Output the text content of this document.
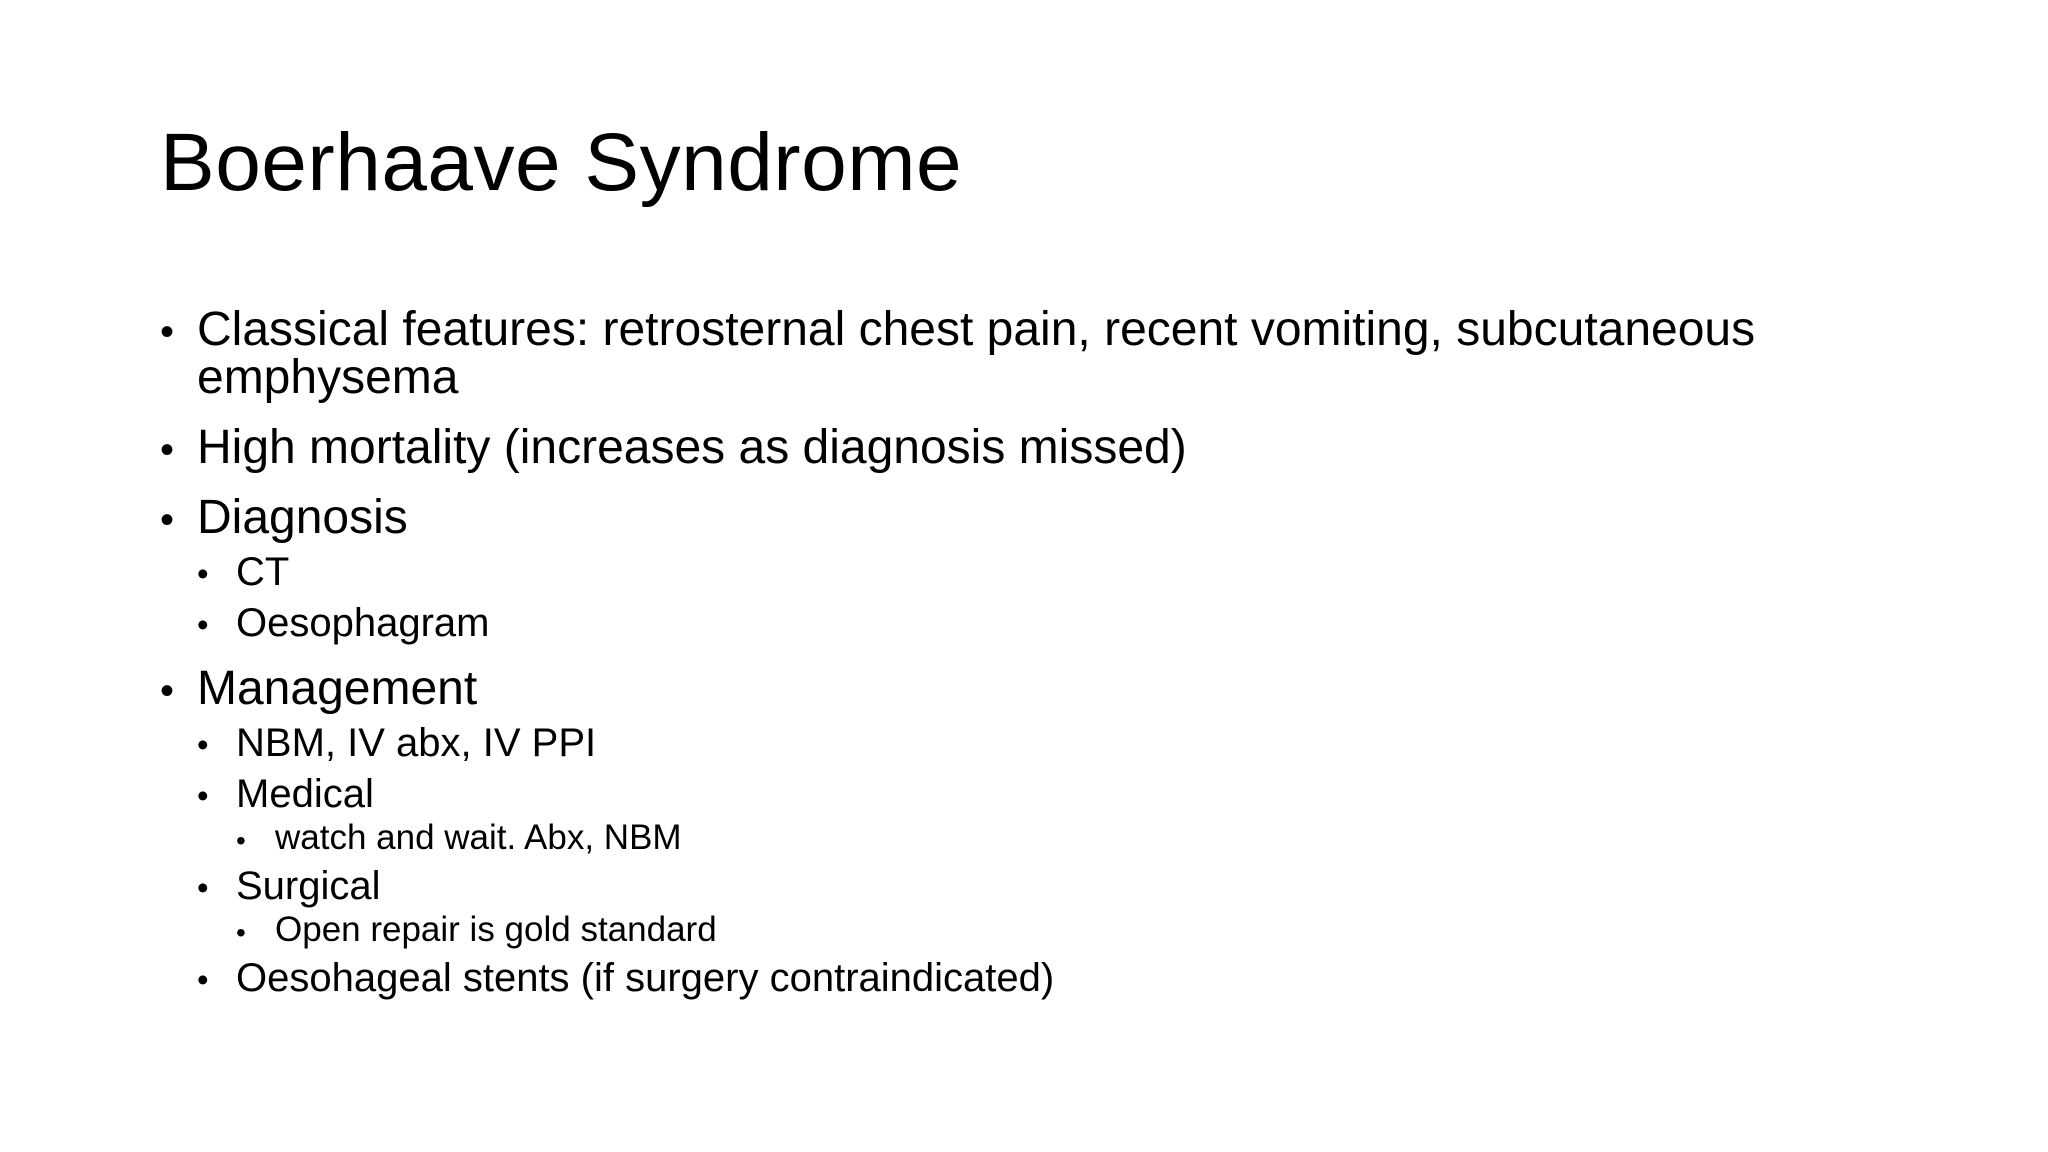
Boerhaave Syndrome
• Classical features: retrosternal chest pain, recent vomiting, subcutaneous emphysema
• High mortality (increases as diagnosis missed)
• Diagnosis
• CT
• Oesophagram
• Management
• NBM, IV abx, IV PPI
• Medical
• watch and wait. Abx, NBM
• Surgical
• Open repair is gold standard
• Oesohageal stents (if surgery contraindicated)
